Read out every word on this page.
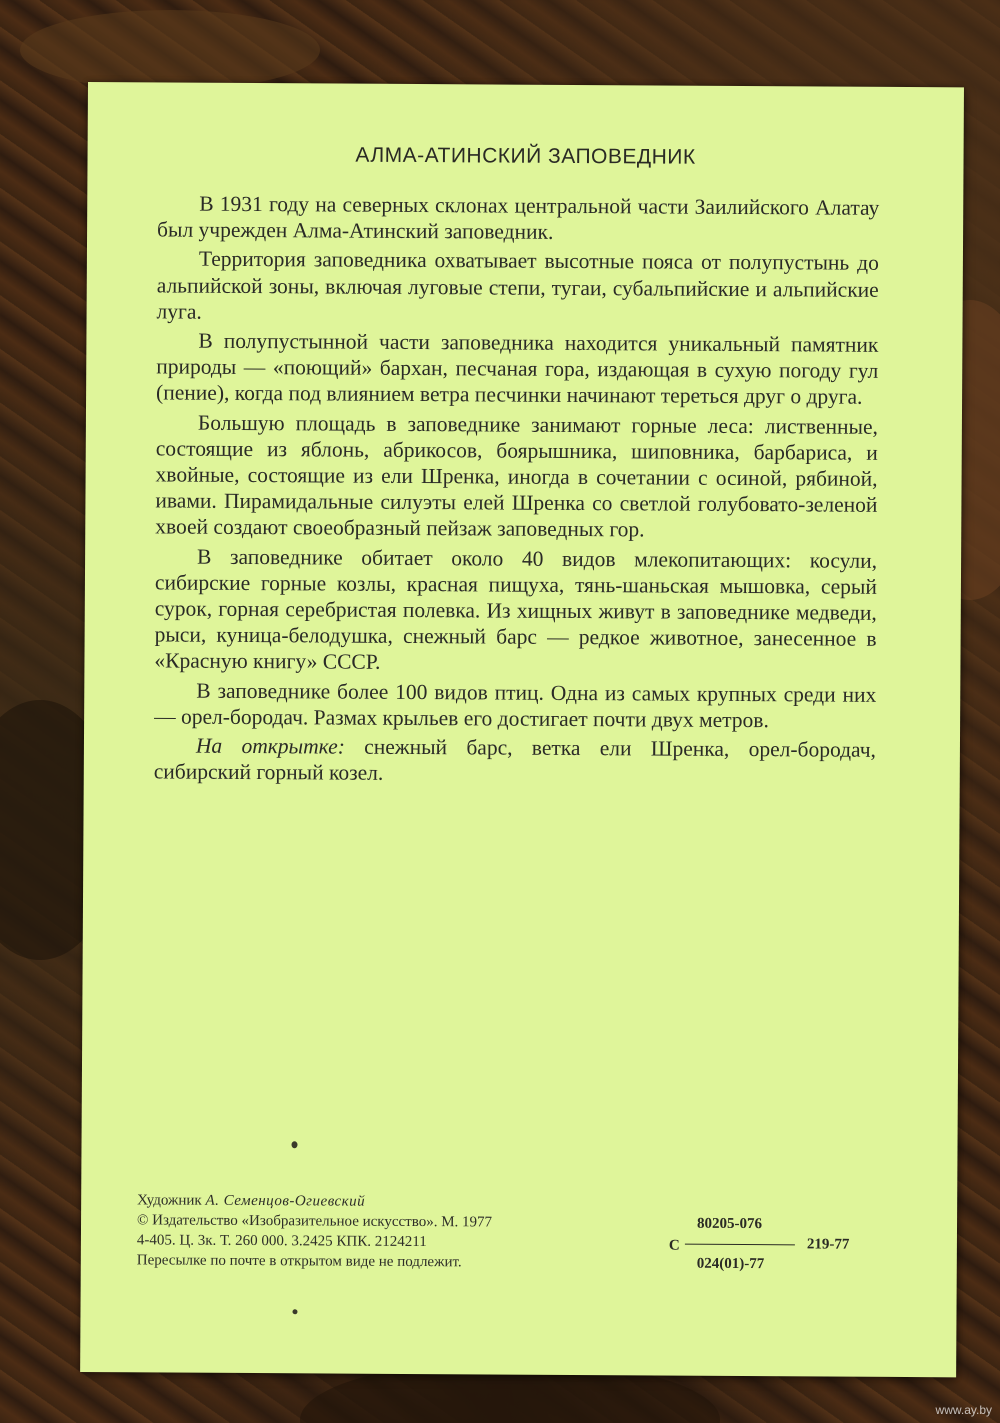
АЛМА-АТИНСКИЙ ЗАПОВЕДНИК

В 1931 году на северных склонах центральной части Заилийского Алатау был учрежден Алма-Атинский заповедник.

Территория заповедника охватывает высотные пояса от полупустынь до альпийской зоны, включая луговые степи, тугаи, субальпийские и альпийские луга.

В полупустынной части заповедника находится уникальный памятник природы — «поющий» бархан, песчаная гора, издающая в сухую погоду гул (пение), когда под влиянием ветра песчинки начинают тереться друг о друга.

Большую площадь в заповеднике занимают горные леса: лиственные, состоящие из яблонь, абрикосов, боярышника, шиповника, барбариса, и хвойные, состоящие из ели Шренка, иногда в сочетании с осиной, рябиной, ивами. Пирамидальные силуэты елей Шренка со светлой голубовато-зеленой хвоей создают своеобразный пейзаж заповедных гор.

В заповеднике обитает около 40 видов млекопитающих: косули, сибирские горные козлы, красная пищуха, тянь-шаньская мышовка, серый сурок, горная серебристая полевка. Из хищных живут в заповеднике медведи, рыси, куница-белодушка, снежный барс — редкое животное, занесенное в «Красную книгу» СССР.

В заповеднике более 100 видов птиц. Одна из самых крупных среди них — орел-бородач. Размах крыльев его достигает почти двух метров.

На открытке: снежный барс, ветка ели Шренка, орел-бородач, сибирский горный козел.

Художник А. Семенцов-Огиевский
© Издательство «Изобразительное искусство». М. 1977
4-405. Ц. 3к. Т. 260 000. 3.2425 КПК. 2124211
Пересылке по почте в открытом виде не подлежит.
С
80205-076
219-77
024(01)-77
www.ay.by
